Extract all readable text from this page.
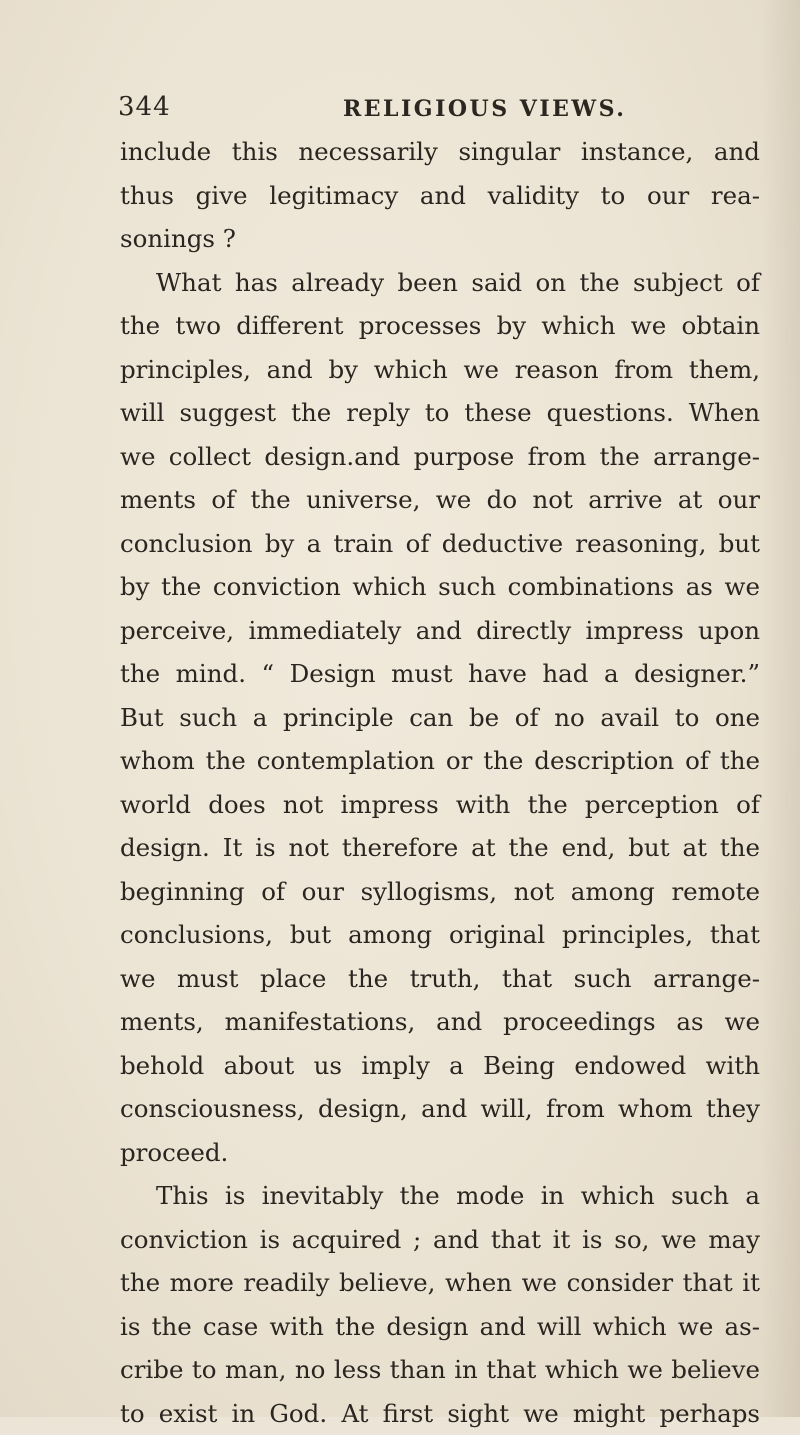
344	RELIGIOUS VIEWS.
include this necessarily singular instance, and
thus give legitimacy and validity to our rea-
sonings ?
What has already been said on the subject of
the two different processes by which we obtain
principles, and by which we reason from them,
will suggest the reply to these questions. When
we collect design.and purpose from the arrange-
ments of the universe, we do not arrive at our
conclusion by a train of deductive reasoning, but
by the conviction which such combinations as we
perceive, immediately and directly impress upon
the mind. “ Design must have had a designer.”
But such a principle can be of no avail to one
whom the contemplation or the description of the
world does not impress with the perception of
design. It is not therefore at the end, but at the
beginning of our syllogisms, not among remote
conclusions, but among original principles, that
we must place the truth, that such arrange-
ments, manifestations, and proceedings as we
behold about us imply a Being endowed with
consciousness, design, and will, from whom they
proceed.
This is inevitably the mode in which such a
conviction is acquired ; and that it is so, we may
the more readily believe, when we consider that it
is the case with the design and will which we as-
cribe to man, no less than in that which we believe
to exist in God. At first sight we might perhaps
